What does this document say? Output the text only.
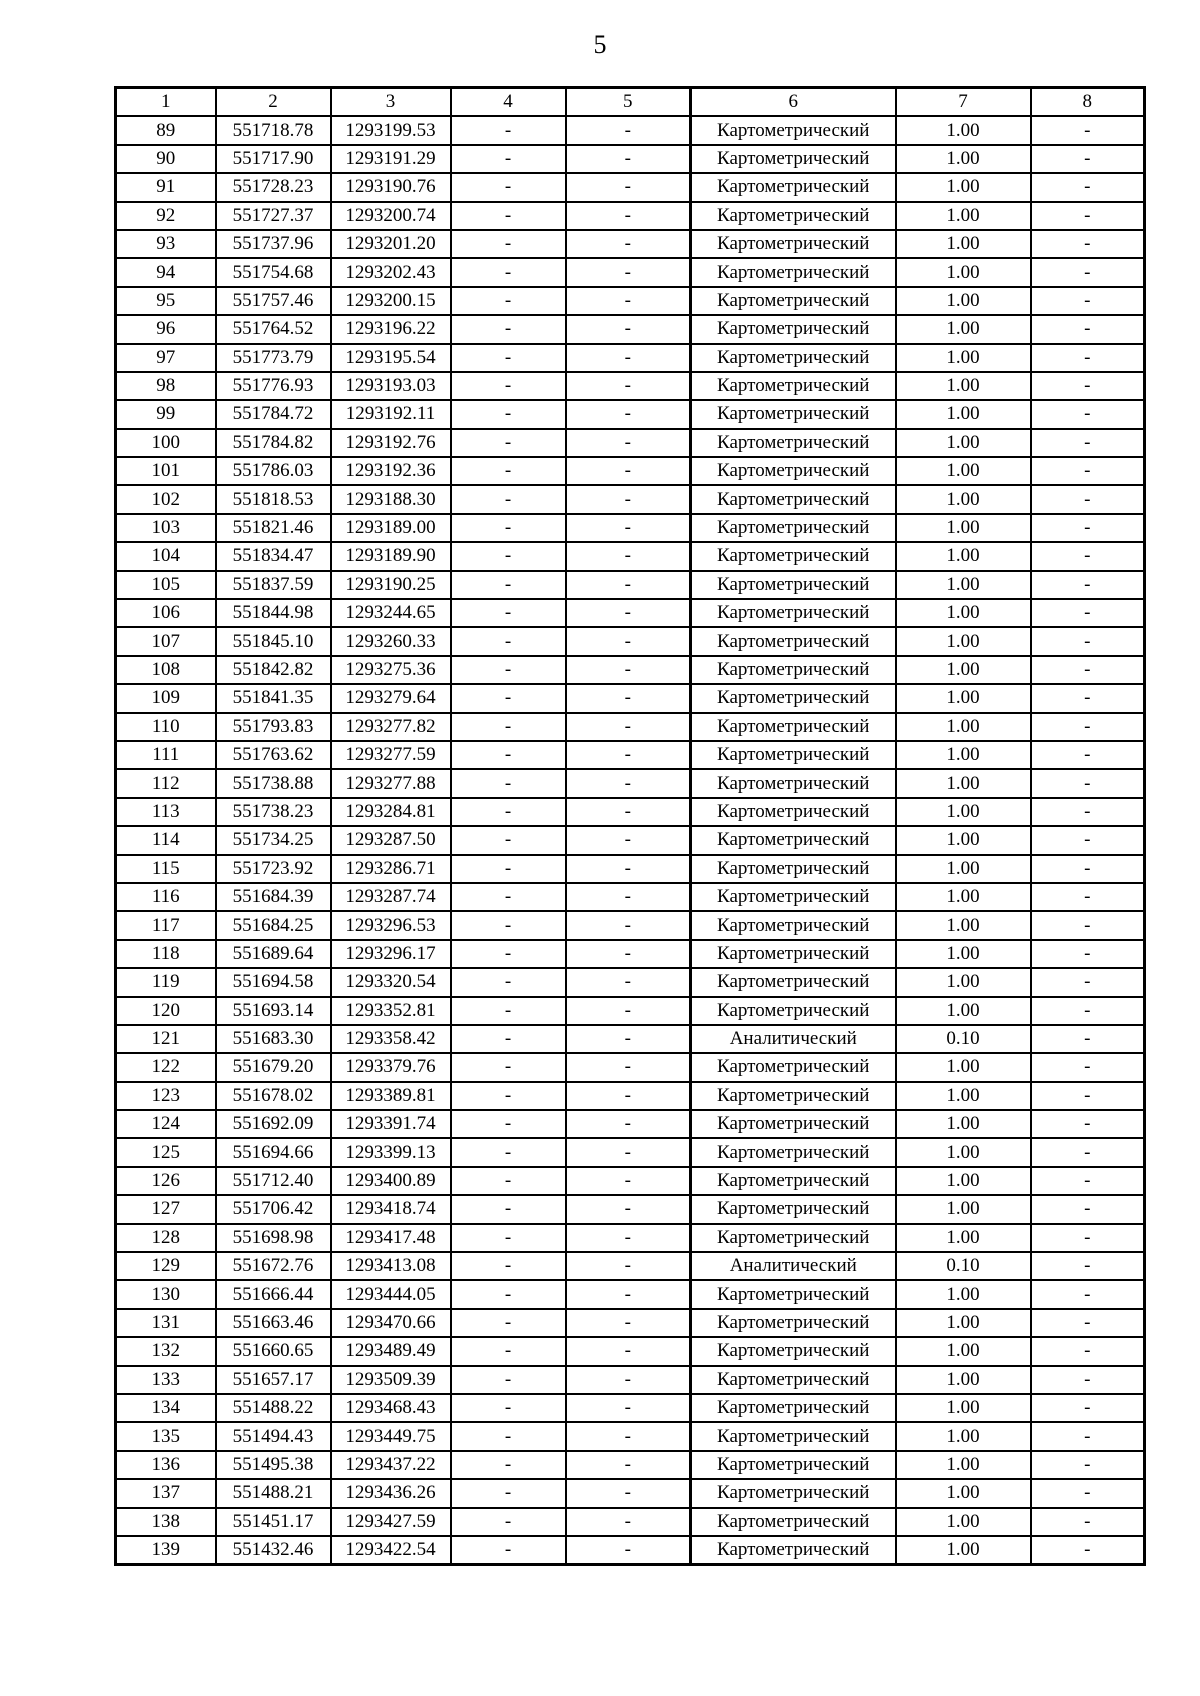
5
1	2	3	4	5	6	7	8
89	551718.78	1293199.53	-	-	Картометрический	1.00	-
90	551717.90	1293191.29	-	-	Картометрический	1.00	-
91	551728.23	1293190.76	-	-	Картометрический	1.00	-
92	551727.37	1293200.74	-	-	Картометрический	1.00	-
93	551737.96	1293201.20	-	-	Картометрический	1.00	-
94	551754.68	1293202.43	-	-	Картометрический	1.00	-
95	551757.46	1293200.15	-	-	Картометрический	1.00	-
96	551764.52	1293196.22	-	-	Картометрический	1.00	-
97	551773.79	1293195.54	-	-	Картометрический	1.00	-
98	551776.93	1293193.03	-	-	Картометрический	1.00	-
99	551784.72	1293192.11	-	-	Картометрический	1.00	-
100	551784.82	1293192.76	-	-	Картометрический	1.00	-
101	551786.03	1293192.36	-	-	Картометрический	1.00	-
102	551818.53	1293188.30	-	-	Картометрический	1.00	-
103	551821.46	1293189.00	-	-	Картометрический	1.00	-
104	551834.47	1293189.90	-	-	Картометрический	1.00	-
105	551837.59	1293190.25	-	-	Картометрический	1.00	-
106	551844.98	1293244.65	-	-	Картометрический	1.00	-
107	551845.10	1293260.33	-	-	Картометрический	1.00	-
108	551842.82	1293275.36	-	-	Картометрический	1.00	-
109	551841.35	1293279.64	-	-	Картометрический	1.00	-
110	551793.83	1293277.82	-	-	Картометрический	1.00	-
111	551763.62	1293277.59	-	-	Картометрический	1.00	-
112	551738.88	1293277.88	-	-	Картометрический	1.00	-
113	551738.23	1293284.81	-	-	Картометрический	1.00	-
114	551734.25	1293287.50	-	-	Картометрический	1.00	-
115	551723.92	1293286.71	-	-	Картометрический	1.00	-
116	551684.39	1293287.74	-	-	Картометрический	1.00	-
117	551684.25	1293296.53	-	-	Картометрический	1.00	-
118	551689.64	1293296.17	-	-	Картометрический	1.00	-
119	551694.58	1293320.54	-	-	Картометрический	1.00	-
120	551693.14	1293352.81	-	-	Картометрический	1.00	-
121	551683.30	1293358.42	-	-	Аналитический	0.10	-
122	551679.20	1293379.76	-	-	Картометрический	1.00	-
123	551678.02	1293389.81	-	-	Картометрический	1.00	-
124	551692.09	1293391.74	-	-	Картометрический	1.00	-
125	551694.66	1293399.13	-	-	Картометрический	1.00	-
126	551712.40	1293400.89	-	-	Картометрический	1.00	-
127	551706.42	1293418.74	-	-	Картометрический	1.00	-
128	551698.98	1293417.48	-	-	Картометрический	1.00	-
129	551672.76	1293413.08	-	-	Аналитический	0.10	-
130	551666.44	1293444.05	-	-	Картометрический	1.00	-
131	551663.46	1293470.66	-	-	Картометрический	1.00	-
132	551660.65	1293489.49	-	-	Картометрический	1.00	-
133	551657.17	1293509.39	-	-	Картометрический	1.00	-
134	551488.22	1293468.43	-	-	Картометрический	1.00	-
135	551494.43	1293449.75	-	-	Картометрический	1.00	-
136	551495.38	1293437.22	-	-	Картометрический	1.00	-
137	551488.21	1293436.26	-	-	Картометрический	1.00	-
138	551451.17	1293427.59	-	-	Картометрический	1.00	-
139	551432.46	1293422.54	-	-	Картометрический	1.00	-
